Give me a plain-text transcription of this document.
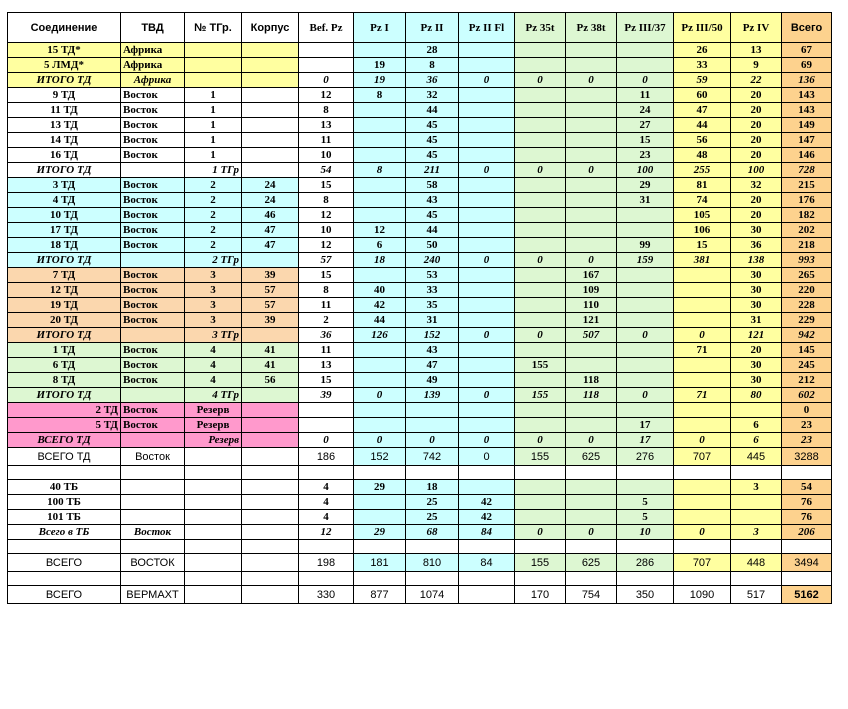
Соединение	ТВД	№ ТГр.	Корпус	Bef. Pz	Pz I	Pz II	Pz II Fl	Pz 35t	Pz 38t	Pz III/37	Pz III/50	Pz IV	Всего
15 ТД*	Африка					28					26	13	67
5 ЛМД*	Африка				19	8					33	9	69
ИТОГО ТД	Африка			0	19	36	0	0	0	0	59	22	136
9 ТД	Восток	1		12	8	32				11	60	20	143
11 ТД	Восток	1		8		44				24	47	20	143
13 ТД	Восток	1		13		45				27	44	20	149
14 ТД	Восток	1		11		45				15	56	20	147
16 ТД	Восток	1		10		45				23	48	20	146
ИТОГО ТД		1 ТГр		54	8	211	0	0	0	100	255	100	728
3 ТД	Восток	2	24	15		58				29	81	32	215
4 ТД	Восток	2	24	8		43				31	74	20	176
10 ТД	Восток	2	46	12		45					105	20	182
17 ТД	Восток	2	47	10	12	44					106	30	202
18 ТД	Восток	2	47	12	6	50				99	15	36	218
ИТОГО ТД		2 ТГр		57	18	240	0	0	0	159	381	138	993
7 ТД	Восток	3	39	15		53			167			30	265
12 ТД	Восток	3	57	8	40	33			109			30	220
19 ТД	Восток	3	57	11	42	35			110			30	228
20 ТД	Восток	3	39	2	44	31			121			31	229
ИТОГО ТД		3 ТГр		36	126	152	0	0	507	0	0	121	942
1 ТД	Восток	4	41	11		43					71	20	145
6 ТД	Восток	4	41	13		47		155				30	245
8 ТД	Восток	4	56	15		49			118			30	212
ИТОГО ТД		4 ТГр		39	0	139	0	155	118	0	71	80	602
2 ТД	Восток	Резерв											0
5 ТД	Восток	Резерв								17		6	23
ВСЕГО ТД		Резерв		0	0	0	0	0	0	17	0	6	23
ВСЕГО ТД	Восток			186	152	742	0	155	625	276	707	445	3288

40 ТБ				4	29	18						3	54
100 ТБ				4		25	42			5			76
101 ТБ				4		25	42			5			76
Всего в ТБ	Восток			12	29	68	84	0	0	10	0	3	206

ВСЕГО	ВОСТОК			198	181	810	84	155	625	286	707	448	3494

ВСЕГО	ВЕРМАХТ			330	877	1074		170	754	350	1090	517	5162
